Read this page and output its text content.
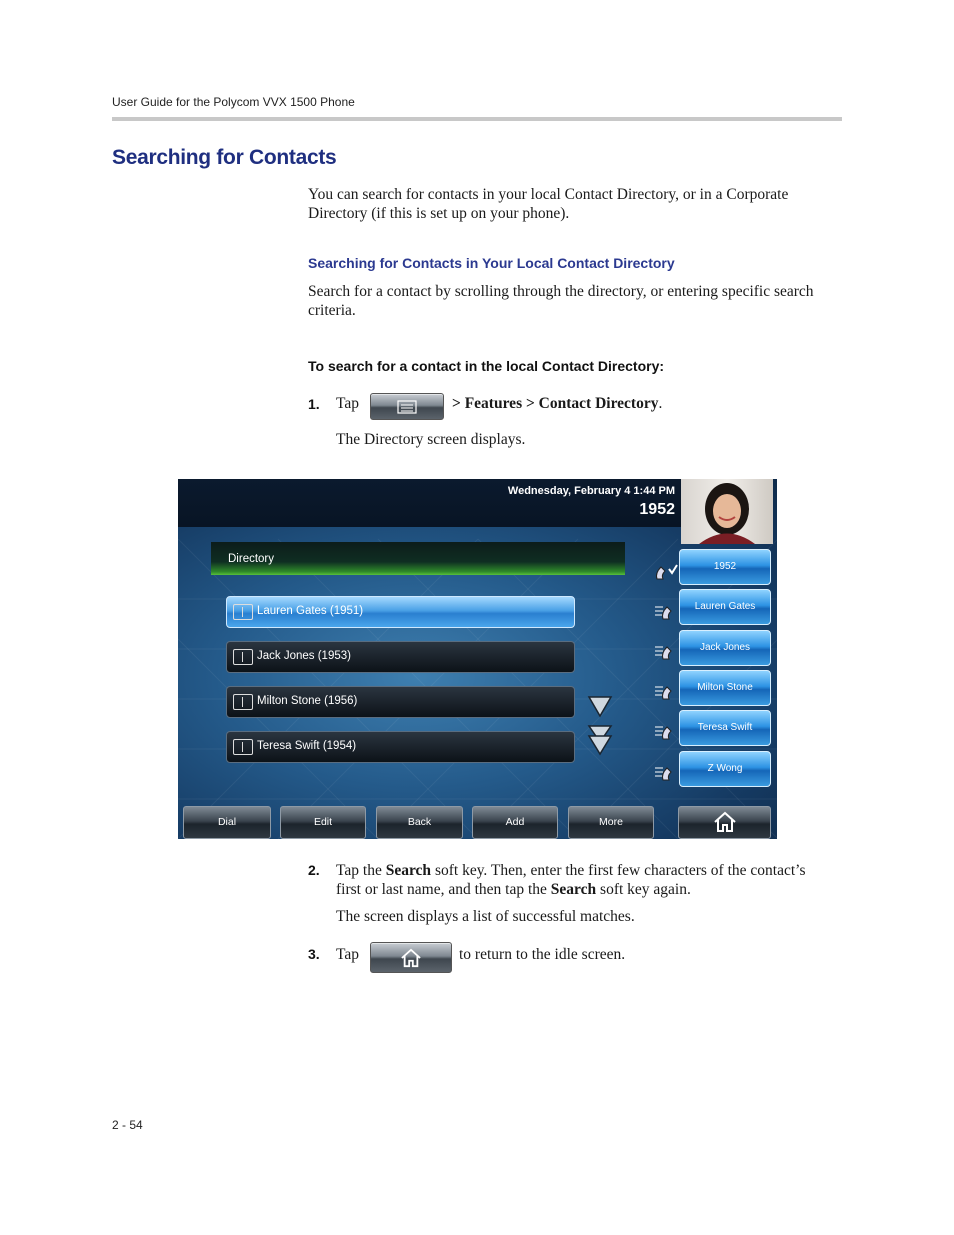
User Guide for the Polycom VVX 1500 Phone
Searching for Contacts
You can search for contacts in your local Contact Directory, or in a Corporate Directory (if this is set up on your phone).
Searching for Contacts in Your Local Contact Directory
Search for a contact by scrolling through the directory, or entering specific search criteria.
To search for a contact in the local Contact Directory:
1. Tap	> Features > Contact Directory.
The Directory screen displays.
Wednesday, February 4 1:44 PM
1952
Directory
Lauren Gates (1951)
Jack Jones (1953)
Milton Stone (1956)
Teresa Swift (1954)
1952
Lauren Gates
Jack Jones
Milton Stone
Teresa Swift
Z Wong
Dial	Edit	Back	Add	More
2. Tap the Search soft key. Then, enter the first few characters of the contact’s first or last name, and then tap the Search soft key again.
The screen displays a list of successful matches.
3. Tap	to return to the idle screen.
2 - 54
